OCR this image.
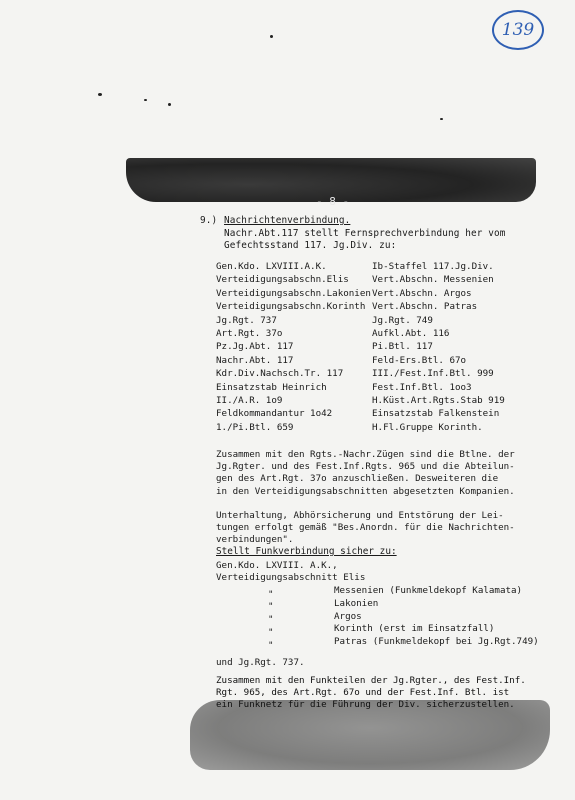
139
- 8 -
9.) Nachrichtenverbindung.
Nachr.Abt.117 stellt Fernsprechverbindung her vom
Gefechtsstand 117. Jg.Div. zu:
Gen.Kdo. LXVIII.A.K.
Verteidigungsabschn.Elis
Verteidigungsabschn.Lakonien
Verteidigungsabschn.Korinth
Jg.Rgt. 737
Art.Rgt. 37o
Pz.Jg.Abt. 117
Nachr.Abt. 117
Kdr.Div.Nachsch.Tr. 117
Einsatzstab Heinrich
II./A.R. 1o9
Feldkommandantur 1o42
1./Pi.Btl. 659
Ib-Staffel 117.Jg.Div.
Vert.Abschn. Messenien
Vert.Abschn. Argos
Vert.Abschn. Patras
Jg.Rgt. 749
Aufkl.Abt. 116
Pi.Btl. 117
Feld-Ers.Btl. 67o
III./Fest.Inf.Btl. 999
Fest.Inf.Btl. 1oo3
H.Küst.Art.Rgts.Stab 919
Einsatzstab Falkenstein
H.Fl.Gruppe Korinth.
Zusammen mit den Rgts.-Nachr.Zügen sind die Btlne. der
Jg.Rgter. und des Fest.Inf.Rgts. 965 und die Abteilun-
gen des Art.Rgt. 37o anzuschließen. Desweiteren die
in den Verteidigungsabschnitten abgesetzten Kompanien.
Unterhaltung, Abhörsicherung und Entstörung der Lei-
tungen erfolgt gemäß "Bes.Anordn. für die Nachrichten-
verbindungen".
Stellt Funkverbindung sicher zu:
Gen.Kdo. LXVIII. A.K.,
Verteidigungsabschnitt Elis
"
"
"
"
"
Messenien (Funkmeldekopf Kalamata)
Lakonien
Argos
Korinth (erst im Einsatzfall)
Patras (Funkmeldekopf bei Jg.Rgt.749)
und Jg.Rgt. 737.
Zusammen mit den Funkteilen der Jg.Rgter., des Fest.Inf.
Rgt. 965, des Art.Rgt. 67o und der Fest.Inf. Btl. ist
ein Funknetz für die Führung der Div. sicherzustellen.
